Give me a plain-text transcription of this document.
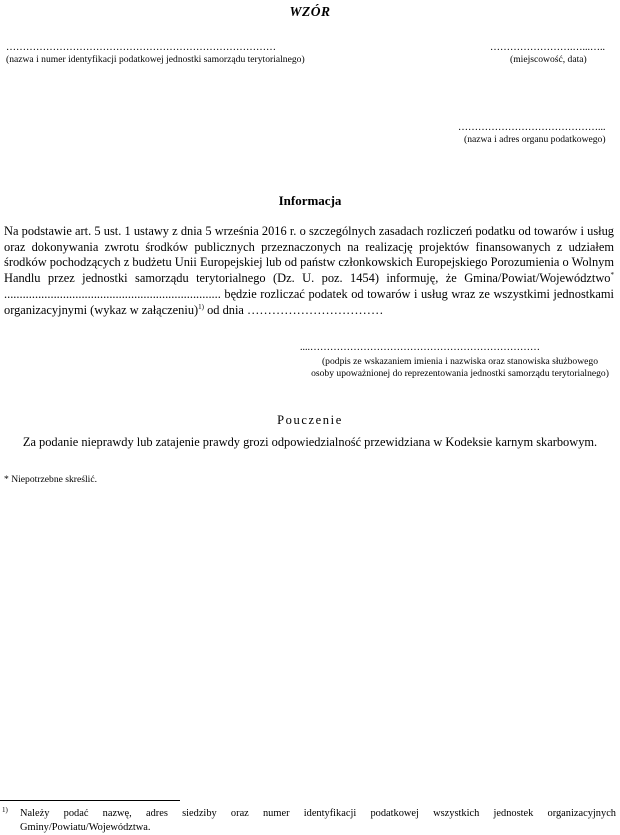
WZÓR
………………………………………………………………………
(nazwa i numer identyfikacji podatkowej jednostki samorządu terytorialnego)
…………………….…...…..
(miejscowość, data)
……………………………………...
(nazwa i adres organu podatkowego)
Informacja
Na podstawie art. 5 ust. 1 ustawy z dnia 5 września 2016 r. o szczególnych zasadach rozliczeń podatku od towarów i usług oraz dokonywania zwrotu środków publicznych przeznaczonych na realizację projektów finansowanych z udziałem środków pochodzących z budżetu Unii Europejskiej lub od państw członkowskich Europejskiego Porozumienia o Wolnym Handlu przez jednostki samorządu terytorialnego (Dz. U. poz. 1454) informuję, że Gmina/Powiat/Województwo* ...................................................................... będzie rozliczać podatek od towarów i usług wraz ze wszystkimi jednostkami organizacyjnymi (wykaz w załączeniu)$^{1)}$ od dnia ……………………………
....……………………………………………………………
(podpis ze wskazaniem imienia i nazwiska oraz stanowiska służbowego
osoby upoważnionej do reprezentowania jednostki samorządu terytorialnego)
Pouczenie
Za podanie nieprawdy lub zatajenie prawdy grozi odpowiedzialność przewidziana w Kodeksie karnym skarbowym.
* Niepotrzebne skreślić.
1) Należy podać nazwę, adres siedziby oraz numer identyfikacji podatkowej wszystkich jednostek organizacyjnych Gminy/Powiatu/Województwa.
